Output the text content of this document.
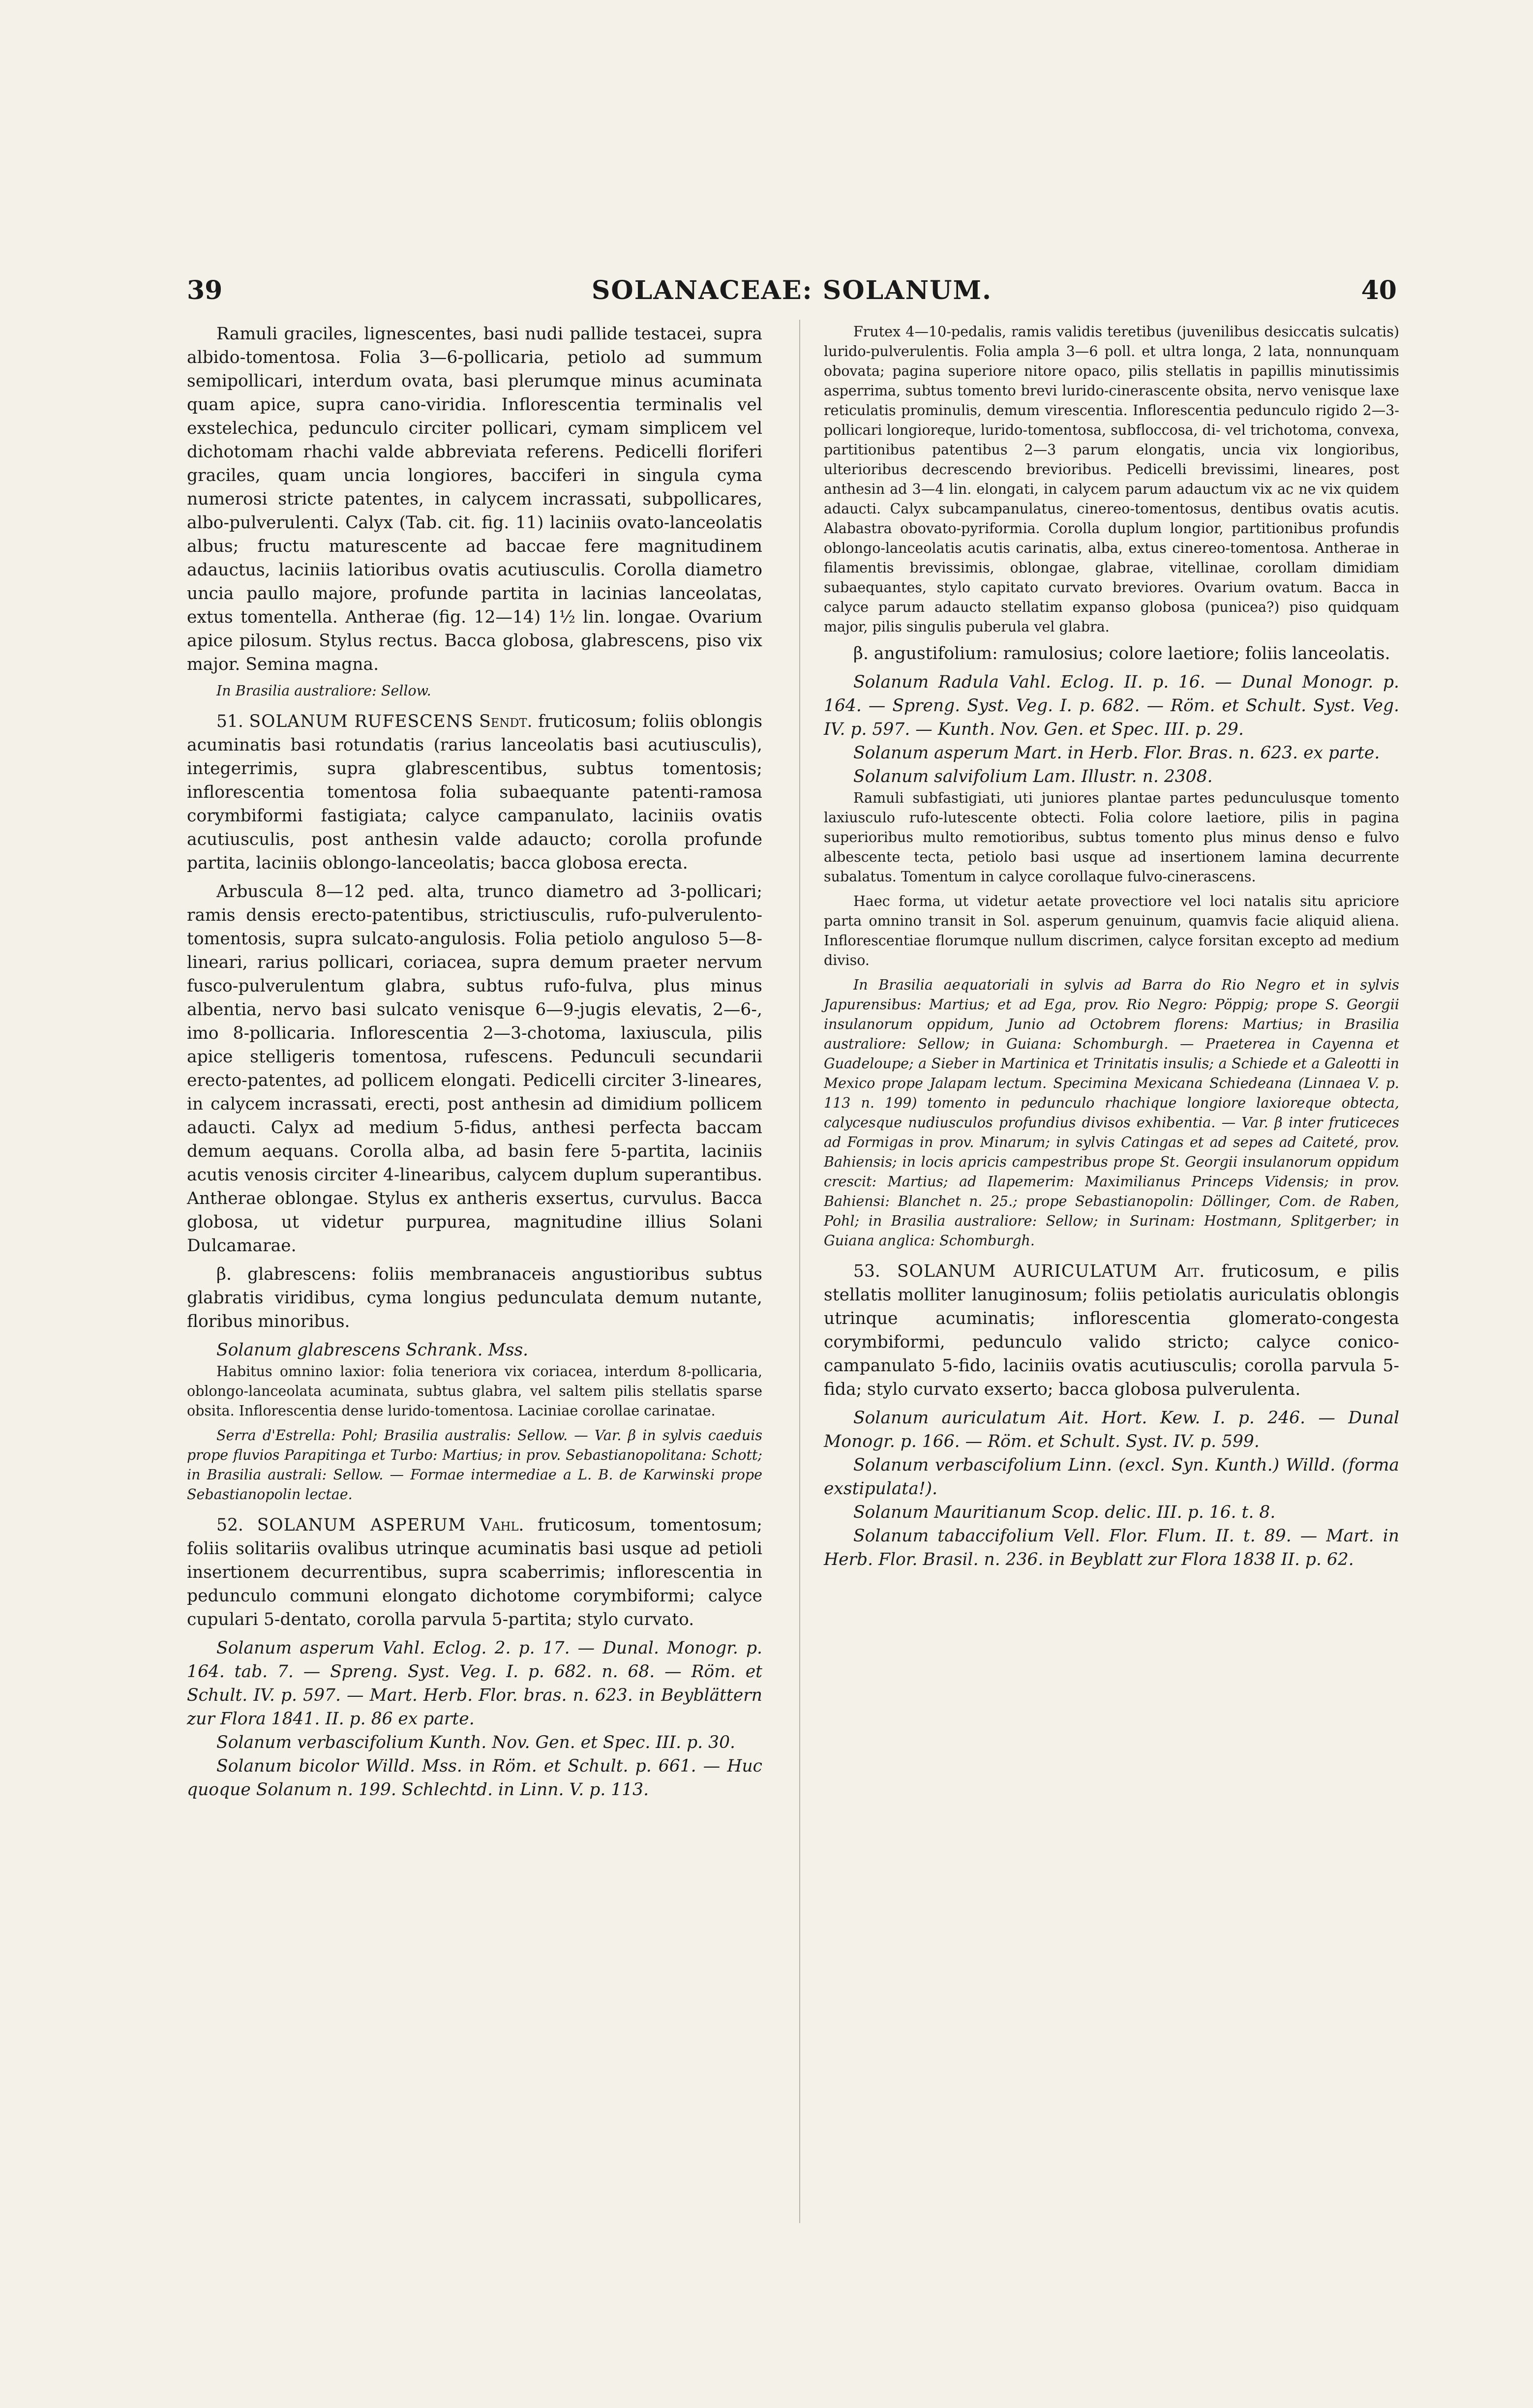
39	SOLANACEAE: SOLANUM.	40

Ramuli graciles, lignescentes, basi nudi pallide testacei, supra albido-tomentosa. Folia 3—6-pollicaria, petiolo ad summum semipollicari, interdum ovata, basi plerumque minus acuminata quam apice, supra cano-viridia. Inflorescentia terminalis vel exstelechica, pedunculo circiter pollicari, cymam simplicem vel dichotomam rhachi valde abbreviata referens. Pedicelli floriferi graciles, quam uncia longiores, bacciferi in singula cyma numerosi stricte patentes, in calycem incrassati, subpollicares, albo-pulverulenti. Calyx (Tab. cit. fig. 11) laciniis ovato-lanceolatis albus; fructu maturescente ad baccae fere magnitudinem adauctus, laciniis latioribus ovatis acutiusculis. Corolla diametro uncia paullo majore, profunde partita in lacinias lanceolatas, extus tomentella. Antherae (fig. 12—14) 1½ lin. longae. Ovarium apice pilosum. Stylus rectus. Bacca globosa, glabrescens, piso vix major. Semina magna.

In Brasilia australiore: Sellow.

51. SOLANUM RUFESCENS Sendt. fruticosum; foliis oblongis acuminatis basi rotundatis (rarius lanceolatis basi acutiusculis), integerrimis, supra glabrescentibus, subtus tomentosis; inflorescentia tomentosa folia subaequante patenti-ramosa corymbiformi fastigiata; calyce campanulato, laciniis ovatis acutiusculis, post anthesin valde adaucto; corolla profunde partita, laciniis oblongo-lanceolatis; bacca globosa erecta.

Arbuscula 8—12 ped. alta, trunco diametro ad 3-pollicari; ramis densis erecto-patentibus, strictiusculis, rufo-pulverulento-tomentosis, supra sulcato-angulosis. Folia petiolo anguloso 5—8-lineari, rarius pollicari, coriacea, supra demum praeter nervum fusco-pulverulentum glabra, subtus rufo-fulva, plus minus albentia, nervo basi sulcato venisque 6—9-jugis elevatis, 2—6-, imo 8-pollicaria. Inflorescentia 2—3-chotoma, laxiuscula, pilis apice stelligeris tomentosa, rufescens. Pedunculi secundarii erecto-patentes, ad pollicem elongati. Pedicelli circiter 3-lineares, in calycem incrassati, erecti, post anthesin ad dimidium pollicem adaucti. Calyx ad medium 5-fidus, anthesi perfecta baccam demum aequans. Corolla alba, ad basin fere 5-partita, laciniis acutis venosis circiter 4-linearibus, calycem duplum superantibus. Antherae oblongae. Stylus ex antheris exsertus, curvulus. Bacca globosa, ut videtur purpurea, magnitudine illius Solani Dulcamarae.

β. glabrescens: foliis membranaceis angustioribus subtus glabratis viridibus, cyma longius pedunculata demum nutante, floribus minoribus.

Solanum glabrescens Schrank. Mss.

Habitus omnino laxior: folia teneriora vix coriacea, interdum 8-pollicaria, oblongo-lanceolata acuminata, subtus glabra, vel saltem pilis stellatis sparse obsita. Inflorescentia dense lurido-tomentosa. Laciniae corollae carinatae.

Serra d'Estrella: Pohl; Brasilia australis: Sellow. — Var. β in sylvis caeduis prope fluvios Parapitinga et Turbo: Martius; in prov. Sebastianopolitana: Schott; in Brasilia australi: Sellow. — Formae intermediae a L. B. de Karwinski prope Sebastianopolin lectae.

52. SOLANUM ASPERUM Vahl. fruticosum, tomentosum; foliis solitariis ovalibus utrinque acuminatis basi usque ad petioli insertionem decurrentibus, supra scaberrimis; inflorescentia in pedunculo communi elongato dichotome corymbiformi; calyce cupulari 5-dentato, corolla parvula 5-partita; stylo curvato.

Solanum asperum Vahl. Eclog. 2. p. 17. — Dunal. Monogr. p. 164. tab. 7. — Spreng. Syst. Veg. I. p. 682. n. 68. — Röm. et Schult. IV. p. 597. — Mart. Herb. Flor. bras. n. 623. in Beyblättern zur Flora 1841. II. p. 86 ex parte.

Solanum verbascifolium Kunth. Nov. Gen. et Spec. III. p. 30.

Solanum bicolor Willd. Mss. in Röm. et Schult. p. 661. — Huc quoque Solanum n. 199. Schlechtd. in Linn. V. p. 113.

Frutex 4—10-pedalis, ramis validis teretibus (juvenilibus desiccatis sulcatis) lurido-pulverulentis. Folia ampla 3—6 poll. et ultra longa, 2 lata, nonnunquam obovata; pagina superiore nitore opaco, pilis stellatis in papillis minutissimis asperrima, subtus tomento brevi lurido-cinerascente obsita, nervo venisque laxe reticulatis prominulis, demum virescentia. Inflorescentia pedunculo rigido 2—3-pollicari longioreque, lurido-tomentosa, subfloccosa, di- vel trichotoma, convexa, partitionibus patentibus 2—3 parum elongatis, uncia vix longioribus, ulterioribus decrescendo brevioribus. Pedicelli brevissimi, lineares, post anthesin ad 3—4 lin. elongati, in calycem parum adauctum vix ac ne vix quidem adaucti. Calyx subcampanulatus, cinereo-tomentosus, dentibus ovatis acutis. Alabastra obovato-pyriformia. Corolla duplum longior, partitionibus profundis oblongo-lanceolatis acutis carinatis, alba, extus cinereo-tomentosa. Antherae in filamentis brevissimis, oblongae, glabrae, vitellinae, corollam dimidiam subaequantes, stylo capitato curvato breviores. Ovarium ovatum. Bacca in calyce parum adaucto stellatim expanso globosa (punicea?) piso quidquam major, pilis singulis puberula vel glabra.

β. angustifolium: ramulosius; colore laetiore; foliis lanceolatis.

Solanum Radula Vahl. Eclog. II. p. 16. — Dunal Monogr. p. 164. — Spreng. Syst. Veg. I. p. 682. — Röm. et Schult. Syst. Veg. IV. p. 597. — Kunth. Nov. Gen. et Spec. III. p. 29.

Solanum asperum Mart. in Herb. Flor. Bras. n. 623. ex parte.

Solanum salvifolium Lam. Illustr. n. 2308.

Ramuli subfastigiati, uti juniores plantae partes pedunculusque tomento laxiusculo rufo-lutescente obtecti. Folia colore laetiore, pilis in pagina superioribus multo remotioribus, subtus tomento plus minus denso e fulvo albescente tecta, petiolo basi usque ad insertionem lamina decurrente subalatus. Tomentum in calyce corollaque fulvo-cinerascens.

Haec forma, ut videtur aetate provectiore vel loci natalis situ apriciore parta omnino transit in Sol. asperum genuinum, quamvis facie aliquid aliena. Inflorescentiae florumque nullum discrimen, calyce forsitan excepto ad medium diviso.

In Brasilia aequatoriali in sylvis ad Barra do Rio Negro et in sylvis Japurensibus: Martius; et ad Ega, prov. Rio Negro: Pöppig; prope S. Georgii insulanorum oppidum, Junio ad Octobrem florens: Martius; in Brasilia australiore: Sellow; in Guiana: Schomburgh. — Praeterea in Cayenna et Guadeloupe; a Sieber in Martinica et Trinitatis insulis; a Schiede et a Galeotti in Mexico prope Jalapam lectum. Specimina Mexicana Schiedeana (Linnaea V. p. 113 n. 199) tomento in pedunculo rhachique longiore laxioreque obtecta, calycesque nudiusculos profundius divisos exhibentia. — Var. β inter fruticeces ad Formigas in prov. Minarum; in sylvis Catingas et ad sepes ad Caiteté, prov. Bahiensis; in locis apricis campestribus prope St. Georgii insulanorum oppidum crescit: Martius; ad Ilapemerim: Maximilianus Princeps Vidensis; in prov. Bahiensi: Blanchet n. 25.; prope Sebastianopolin: Döllinger, Com. de Raben, Pohl; in Brasilia australiore: Sellow; in Surinam: Hostmann, Splitgerber; in Guiana anglica: Schomburgh.

53. SOLANUM AURICULATUM Ait. fruticosum, e pilis stellatis molliter lanuginosum; foliis petiolatis auriculatis oblongis utrinque acuminatis; inflorescentia glomerato-congesta corymbiformi, pedunculo valido stricto; calyce conico-campanulato 5-fido, laciniis ovatis acutiusculis; corolla parvula 5-fida; stylo curvato exserto; bacca globosa pulverulenta.

Solanum auriculatum Ait. Hort. Kew. I. p. 246. — Dunal Monogr. p. 166. — Röm. et Schult. Syst. IV. p. 599.

Solanum verbascifolium Linn. (excl. Syn. Kunth.) Willd. (forma exstipulata!).

Solanum Mauritianum Scop. delic. III. p. 16. t. 8.

Solanum tabaccifolium Vell. Flor. Flum. II. t. 89. — Mart. in Herb. Flor. Brasil. n. 236. in Beyblatt zur Flora 1838 II. p. 62.
